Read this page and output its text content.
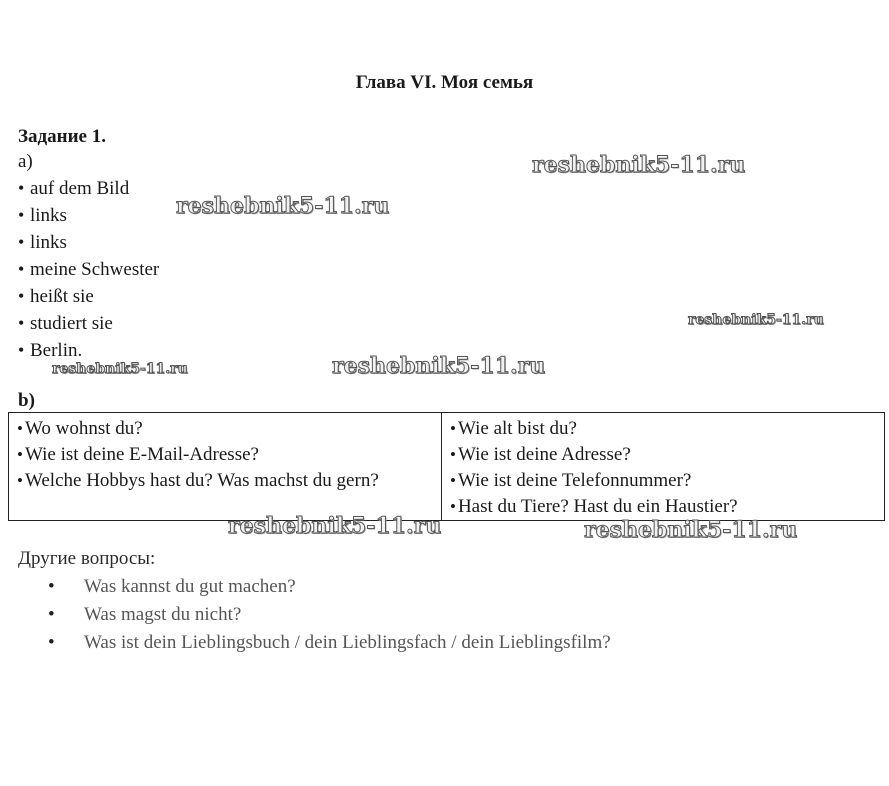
Глава VI. Моя семья
Задание 1.
a)
• auf dem Bild
• links
• links
• meine Schwester
• heißt sie
• studiert sie
• Berlin.
b)
• Wo wohnst du?
• Wie ist deine E-Mail-Adresse?
• Welche Hobbys hast du? Was machst du gern?

• Wie alt bist du?
• Wie ist deine Adresse?
• Wie ist deine Telefonnummer?
• Hast du Tiere? Hast du ein Haustier?
Другие вопросы:
• Was kannst du gut machen?
• Was magst du nicht?
• Was ist dein Lieblingsbuch / dein Lieblingsfach / dein Lieblingsfilm?
reshebnik5-11.ru
reshebnik5-11.ru
reshebnik5-11.ru
reshebnik5-11.ru
reshebnik5-11.ru
reshebnik5-11.ru	reshebnik5-11.ru
